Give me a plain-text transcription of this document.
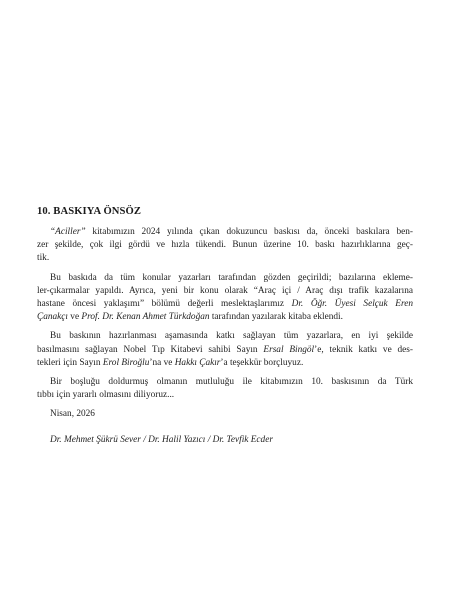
10. BASKIYA ÖNSÖZ
“Aciller” kitabımızın 2024 yılında çıkan dokuzuncu baskısı da, önceki baskılara ben-
zer şekilde, çok ilgi gördü ve hızla tükendi. Bunun üzerine 10. baskı hazırlıklarına geç-
tik.
Bu baskıda da tüm konular yazarları tarafından gözden geçirildi; bazılarına ekleme-
ler-çıkarmalar yapıldı. Ayrıca, yeni bir konu olarak “Araç içi / Araç dışı trafik kazalarına
hastane öncesi yaklaşımı” bölümü değerli meslektaşlarımız Dr. Öğr. Üyesi Selçuk Eren
Çanakçı ve Prof. Dr. Kenan Ahmet Türkdoğan tarafından yazılarak kitaba eklendi.
Bu baskının hazırlanması aşamasında katkı sağlayan tüm yazarlara, en iyi şekilde
basılmasını sağlayan Nobel Tıp Kitabevi sahibi Sayın Ersal Bingöl’e, teknik katkı ve des-
tekleri için Sayın Erol Biroğlu’na ve Hakkı Çakır’a teşekkür borçluyuz.
Bir boşluğu doldurmuş olmanın mutluluğu ile kitabımızın 10. baskısının da Türk
tıbbı için yararlı olmasını diliyoruz...

Nisan, 2026

Dr. Mehmet Şükrü Sever / Dr. Halil Yazıcı / Dr. Tevfik Ecder
